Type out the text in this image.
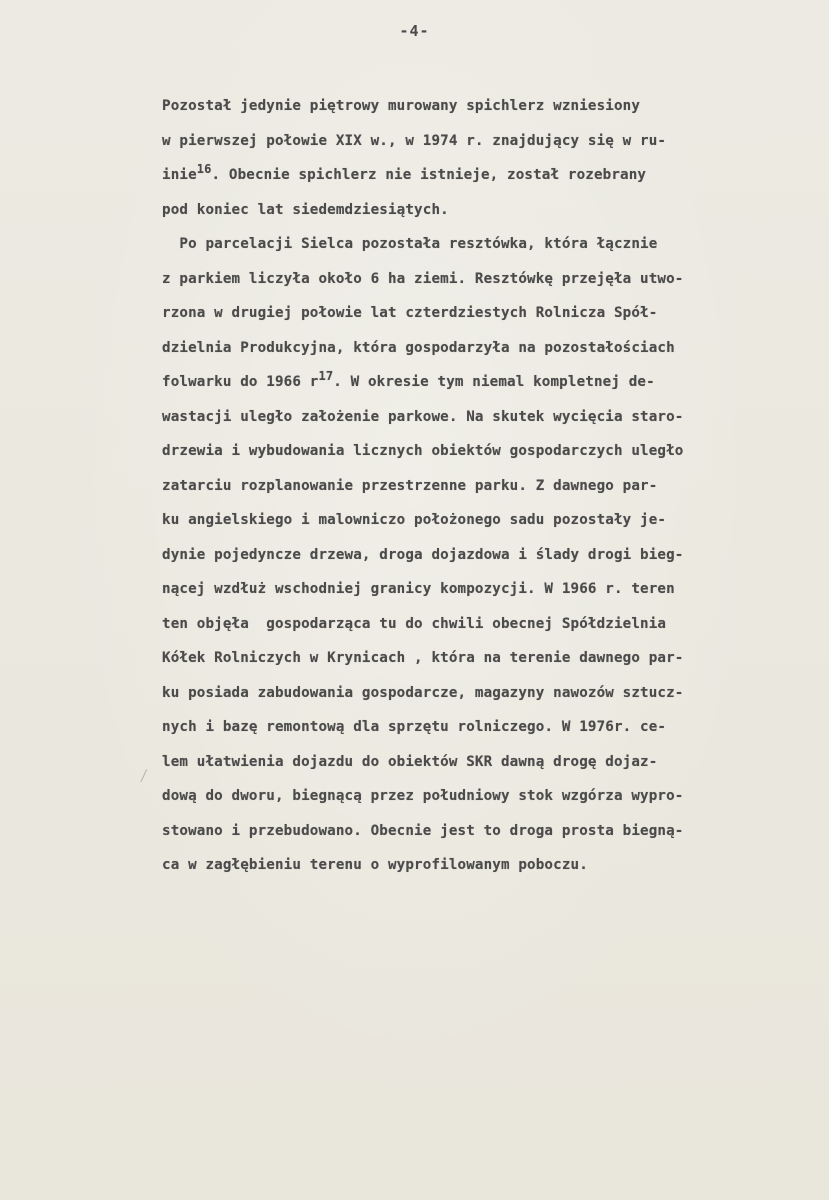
-4-
Pozostał jedynie piętrowy murowany spichlerz wzniesiony
w pierwszej połowie XIX w., w 1974 r. znajdujący się w ru-
inie$^{16}$. Obecnie spichlerz nie istnieje, został rozebrany
pod koniec lat siedemdziesiątych.
Po parcelacji Sielca pozostała resztówka, która łącznie
z parkiem liczyła około 6 ha ziemi. Resztówkę przejęła utwo-
rzona w drugiej połowie lat czterdziestych Rolnicza Spół-
dzielnia Produkcyjna, która gospodarzyła na pozostałościach
folwarku do 1966 $r^{17}$. W okresie tym niemal kompletnej de-
wastacji uległo założenie parkowe. Na skutek wycięcia staro-
drzewia i wybudowania licznych obiektów gospodarczych uległo
zatarciu rozplanowanie przestrzenne parku. Z dawnego par-
ku angielskiego i malowniczo położonego sadu pozostały je-
dynie pojedyncze drzewa, droga dojazdowa i ślady drogi bieg-
nącej wzdłuż wschodniej granicy kompozycji. W 1966 r. teren
ten objęła  gospodarząca tu do chwili obecnej Spółdzielnia
Kółek Rolniczych w Krynicach , która na terenie dawnego par-
ku posiada zabudowania gospodarcze, magazyny nawozów sztucz-
nych i bazę remontową dla sprzętu rolniczego. W 1976r. ce-
lem ułatwienia dojazdu do obiektów SKR dawną drogę dojaz-
dową do dworu, biegnącą przez południowy stok wzgórza wypro-
stowano i przebudowano. Obecnie jest to droga prosta biegną-
ca w zagłębieniu terenu o wyprofilowanym poboczu.
